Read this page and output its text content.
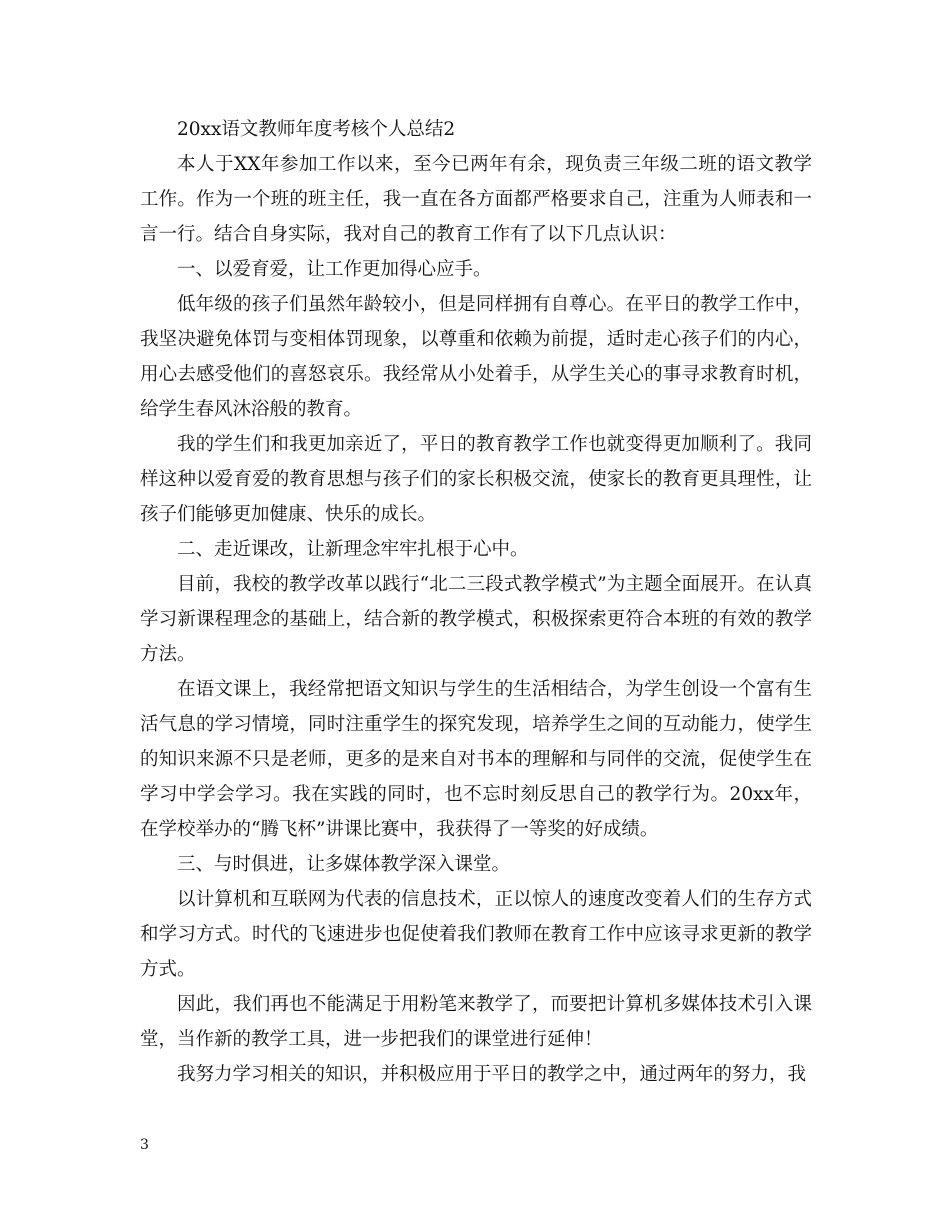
20xx语文教师年度考核个人总结2

本人于XX年参加工作以来，至今已两年有余，现负责三年级二班的语文教学工作。作为一个班的班主任，我一直在各方面都严格要求自己，注重为人师表和一言一行。结合自身实际，我对自己的教育工作有了以下几点认识：

一、以爱育爱，让工作更加得心应手。

低年级的孩子们虽然年龄较小，但是同样拥有自尊心。在平日的教学工作中，我坚决避免体罚与变相体罚现象，以尊重和依赖为前提，适时走心孩子们的内心，用心去感受他们的喜怒哀乐。我经常从小处着手，从学生关心的事寻求教育时机，给学生春风沐浴般的教育。

我的学生们和我更加亲近了，平日的教育教学工作也就变得更加顺利了。我同样这种以爱育爱的教育思想与孩子们的家长积极交流，使家长的教育更具理性，让孩子们能够更加健康、快乐的成长。

二、走近课改，让新理念牢牢扎根于心中。

目前，我校的教学改革以践行“北二三段式教学模式”为主题全面展开。在认真学习新课程理念的基础上，结合新的教学模式，积极探索更符合本班的有效的教学方法。

在语文课上，我经常把语文知识与学生的生活相结合，为学生创设一个富有生活气息的学习情境，同时注重学生的探究发现，培养学生之间的互动能力，使学生的知识来源不只是老师，更多的是来自对书本的理解和与同伴的交流，促使学生在学习中学会学习。我在实践的同时，也不忘时刻反思自己的教学行为。20xx年，在学校举办的“腾飞杯”讲课比赛中，我获得了一等奖的好成绩。

三、与时俱进，让多媒体教学深入课堂。

以计算机和互联网为代表的信息技术，正以惊人的速度改变着人们的生存方式和学习方式。时代的飞速进步也促使着我们教师在教育工作中应该寻求更新的教学方式。

因此，我们再也不能满足于用粉笔来教学了，而要把计算机多媒体技术引入课堂，当作新的教学工具，进一步把我们的课堂进行延伸！

我努力学习相关的知识，并积极应用于平日的教学之中，通过两年的努力，我

3
